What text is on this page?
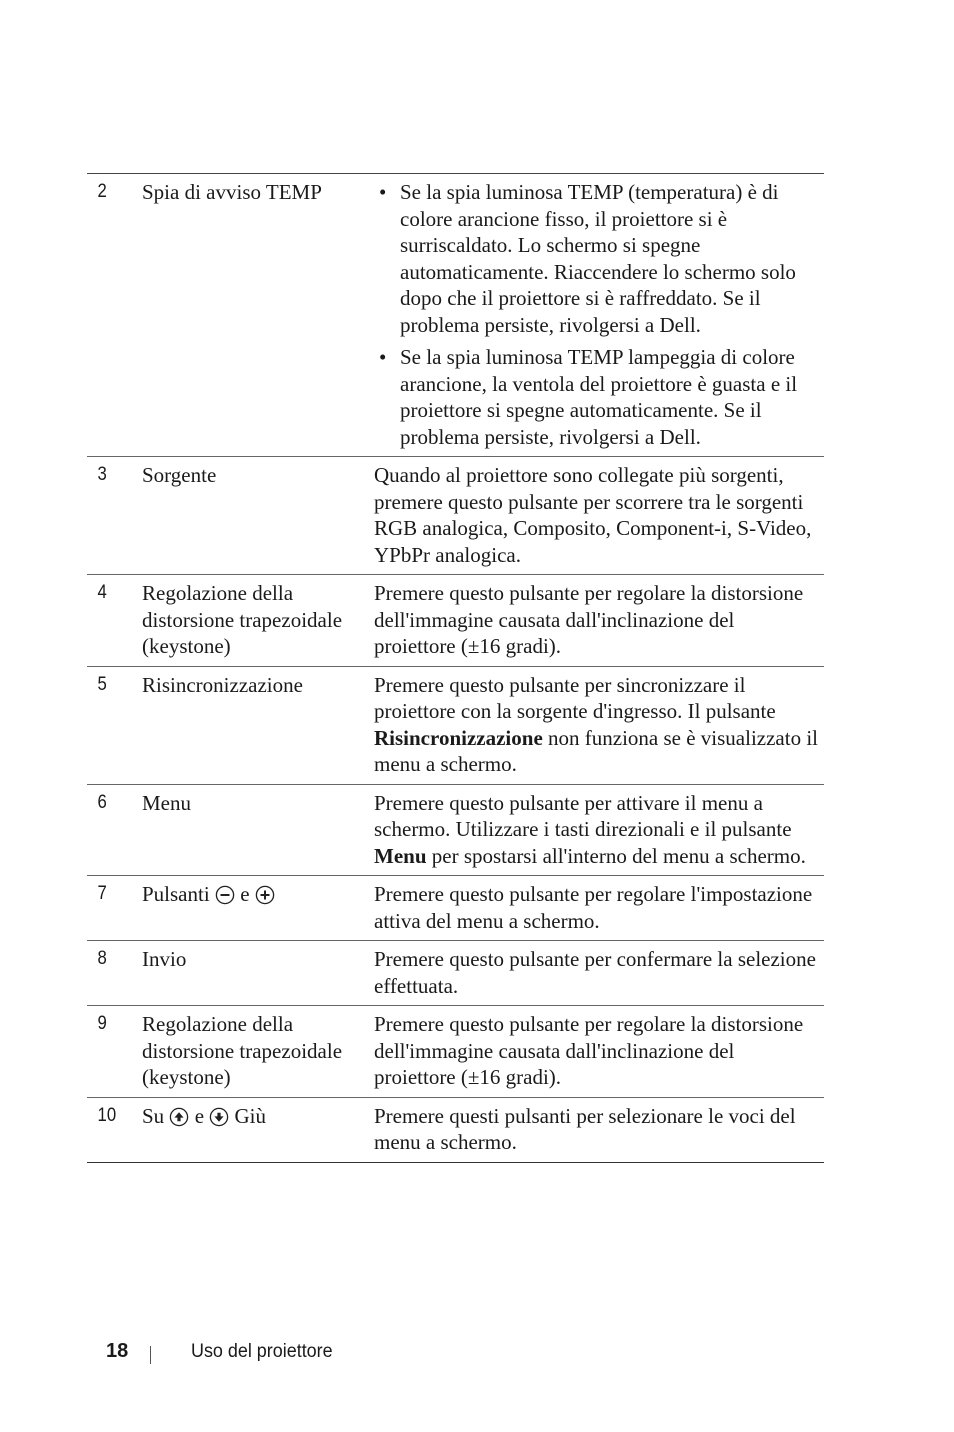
2	Spia di avviso TEMP
•	Se la spia luminosa TEMP (temperatura) è di colore arancione fisso, il proiettore si è surriscaldato. Lo schermo si spegne automaticamente. Riaccendere lo schermo solo dopo che il proiettore si è raffreddato. Se il problema persiste, rivolgersi a Dell.
• Se la spia luminosa TEMP lampeggia di colore arancione, la ventola del proiettore è guasta e il proiettore si spegne automaticamente. Se il problema persiste, rivolgersi a Dell.
3	Sorgente	Quando al proiettore sono collegate più sorgenti, premere questo pulsante per scorrere tra le sorgenti RGB analogica, Composito, Component-i, S-Video, YPbPr analogica.
4	Regolazione della distorsione trapezoidale (keystone)
Premere questo pulsante per regolare la distorsione dell'immagine causata dall'inclinazione del proiettore (±16 gradi).
5	Risincronizzazione	Premere questo pulsante per sincronizzare il proiettore con la sorgente d'ingresso. Il pulsante Risincronizzazione non funziona se è visualizzato il menu a schermo.
6	Menu	Premere questo pulsante per attivare il menu a schermo. Utilizzare i tasti direzionali e il pulsante Menu per spostarsi all'interno del menu a schermo.
7	Pulsanti e	Premere questo pulsante per regolare l'impostazione attiva del menu a schermo.
8	Invio	Premere questo pulsante per confermare la selezione effettuata.
9	Regolazione della distorsione trapezoidale (keystone)
Premere questo pulsante per regolare la distorsione dell'immagine causata dall'inclinazione del proiettore (±16 gradi).
10	Su e Giù	Premere questi pulsanti per selezionare le voci del menu a schermo.
18	Uso del proiettore
